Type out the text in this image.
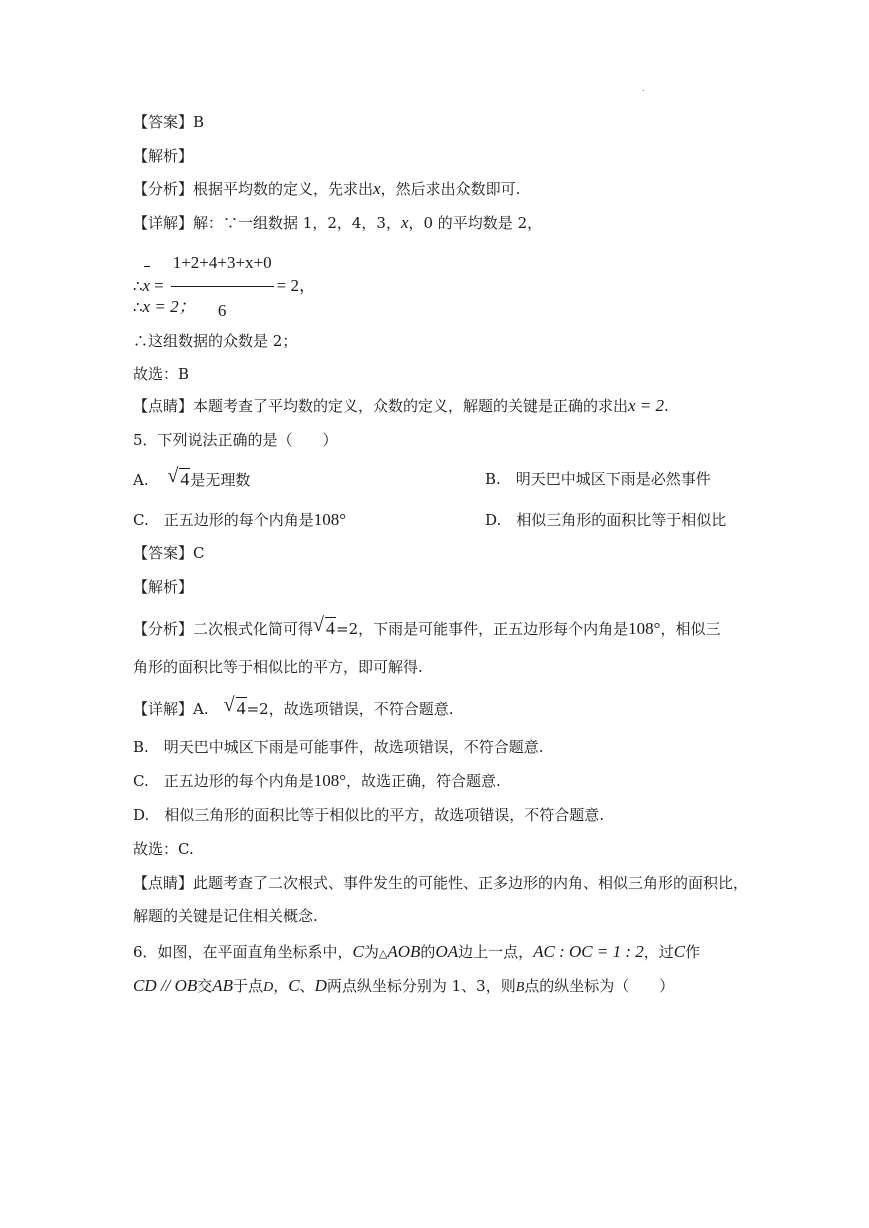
.
【答案】B
【解析】
【分析】根据平均数的定义，先求出x，然后求出众数即可.
【详解】解：∵一组数据 1，2，4，3，x，0 的平均数是 2，
∴x = $\frac{1+2+4+3+x+0}{6} = 2$，
∴x = 2；
∴这组数据的众数是 2；
故选：B
【点睛】本题考查了平均数的定义，众数的定义，解题的关键是正确的求出x = 2.
5．下列说法正确的是（　　）
A. √ 4是无理数	B.　明天巴中城区下雨是必然事件
C.　正五边形的每个内角是108°	D.　相似三角形的面积比等于相似比
【答案】C
【解析】
【分析】二次根式化简可得 √ 4=2，下雨是可能事件，正五边形每个内角是108°，相似三
角形的面积比等于相似比的平方，即可解得.
【详解】A.　 √ 4=2，故选项错误，不符合题意.
B.　明天巴中城区下雨是可能事件，故选项错误，不符合题意.
C.　正五边形的每个内角是108°，故选正确，符合题意.
D.　相似三角形的面积比等于相似比的平方，故选项错误，不符合题意.
故选：C.
【点睛】此题考查了二次根式、事件发生的可能性、正多边形的内角、相似三角形的面积比，
解题的关键是记住相关概念.
6．如图，在平面直角坐标系中，C为△AOB的OA边上一点，AC : OC = 1 : 2，过C作
CD // OB交AB于点D，C、D两点纵坐标分别为 1、3，则B点的纵坐标为（　　）
